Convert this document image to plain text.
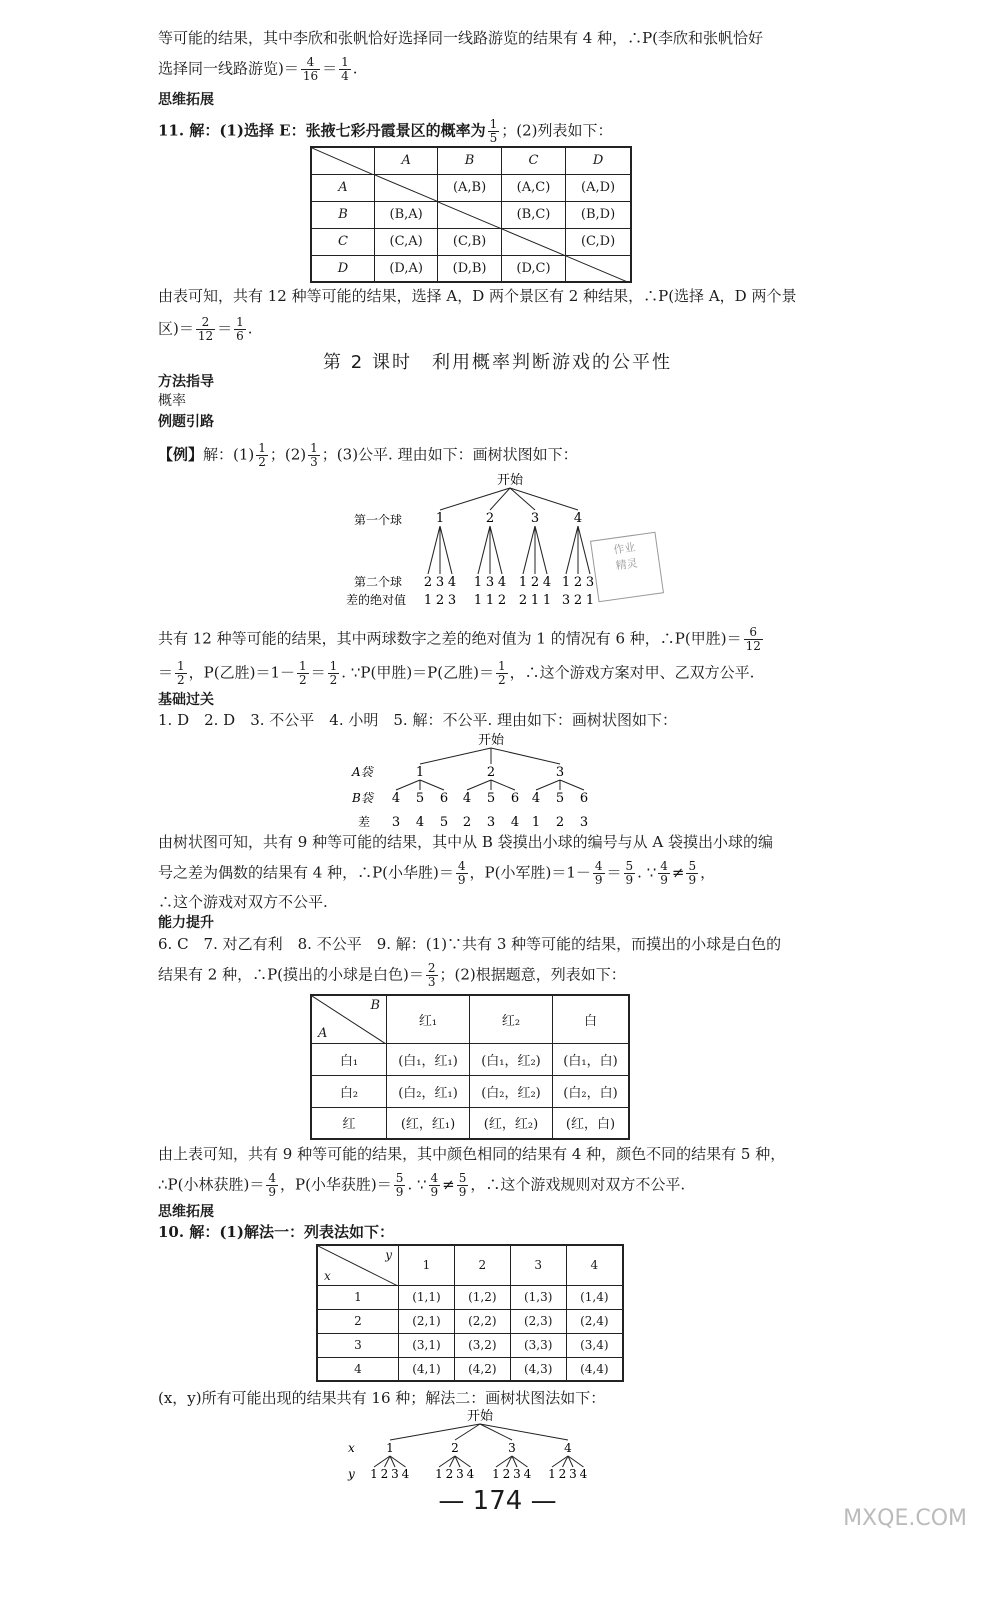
等可能的结果，其中李欣和张帆恰好选择同一线路游览的结果有 4 种，∴P(李欣和张帆恰好
选择同一线路游览)＝ $\frac{4}{16} = \frac{1}{4}$ .
思维拓展
11. 解：(1)选择 E：张掖七彩丹霞景区的概率为 $\frac{1}{5}$ ；(2)列表如下：
	A	B	C	D
A		(A,B)	(A,C)	(A,D)
B	(B,A)		(B,C)	(B,D)
C	(C,A)	(C,B)		(C,D)
D	(D,A)	(D,B)	(D,C)	
由表可知，共有 12 种等可能的结果，选择 A，D 两个景区有 2 种结果，∴P(选择 A，D 两个景
区)＝ $\frac{2}{12} = \frac{1}{6}$ .
第 2 课时　利用概率判断游戏的公平性
方法指导
概率
例题引路
【例】解：$(1) \frac{1}{2}$ ；$(2) \frac{1}{3}$ ；(3)公平. 理由如下：画树状图如下：
开始
第一个球
第二个球
差的绝对值
1
2
1
3
2
4
3
2
1
1
3
1
4
2
3
1
2
2
1
4
1
4
1
3
2
2
3
1
作业
精灵
共有 12 种等可能的结果，其中两球数字之差的绝对值为 1 的情况有 6 种，∴P(甲胜)＝ $\frac{6}{12}$
＝ $\frac{1}{2}$ ，P(乙胜)$=1- \frac{1}{2} = \frac{1}{2}$ . ∵P(甲胜)＝P(乙胜)＝ $\frac{1}{2}$ ，∴这个游戏方案对甲、乙双方公平.
基础过关
1. D　2. D　3. 不公平　4. 小明　5. 解：不公平. 理由如下：画树状图如下：
开始
A袋
B袋
差
1
4
3
5
4
6
5
2
4
2
5
3
6
4
3
4
1
5
2
6
3
由树状图可知，共有 9 种等可能的结果，其中从 B 袋摸出小球的编号与从 A 袋摸出小球的编
号之差为偶数的结果有 4 种，∴P(小华胜)＝ $\frac{4}{9}$ ，P(小军胜)$=1- \frac{4}{9} = \frac{5}{9}$ . ∵ $\frac{4}{9} \ne \frac{5}{9}$ ，
∴这个游戏对双方不公平.
能力提升
6. C　7. 对乙有利　8. 不公平　9. 解：(1)∵共有 3 种等可能的结果，而摸出的小球是白色的
结果有 2 种，∴P(摸出的小球是白色)＝ $\frac{2}{3}$ ；(2)根据题意，列表如下：
B
A	红₁	红₂	白
白₁	(白₁，红₁)	(白₁，红₂)	(白₁，白)
白₂	(白₂，红₁)	(白₂，红₂)	(白₂，白)
红	(红，红₁)	(红，红₂)	(红，白)
由上表可知，共有 9 种等可能的结果，其中颜色相同的结果有 4 种，颜色不同的结果有 5 种，
∴P(小林获胜)＝ $\frac{4}{9}$ ，P(小华获胜)＝ $\frac{5}{9}$ . ∵ $\frac{4}{9} \ne \frac{5}{9}$ ，∴这个游戏规则对双方不公平.
思维拓展
10. 解：(1)解法一：列表法如下：
y
x	1	2	3	4
1	(1,1)	(1,2)	(1,3)	(1,4)
2	(2,1)	(2,2)	(2,3)	(2,4)
3	(3,1)	(3,2)	(3,3)	(3,4)
4	(4,1)	(4,2)	(4,3)	(4,4)
(x，y)所有可能出现的结果共有 16 种；解法二：画树状图法如下：
开始
x
y
1
1 2 3 4
2
1 2 3 4
3
1 2 3 4
4
1 2 3 4
— 174 —
MXQE.COM
